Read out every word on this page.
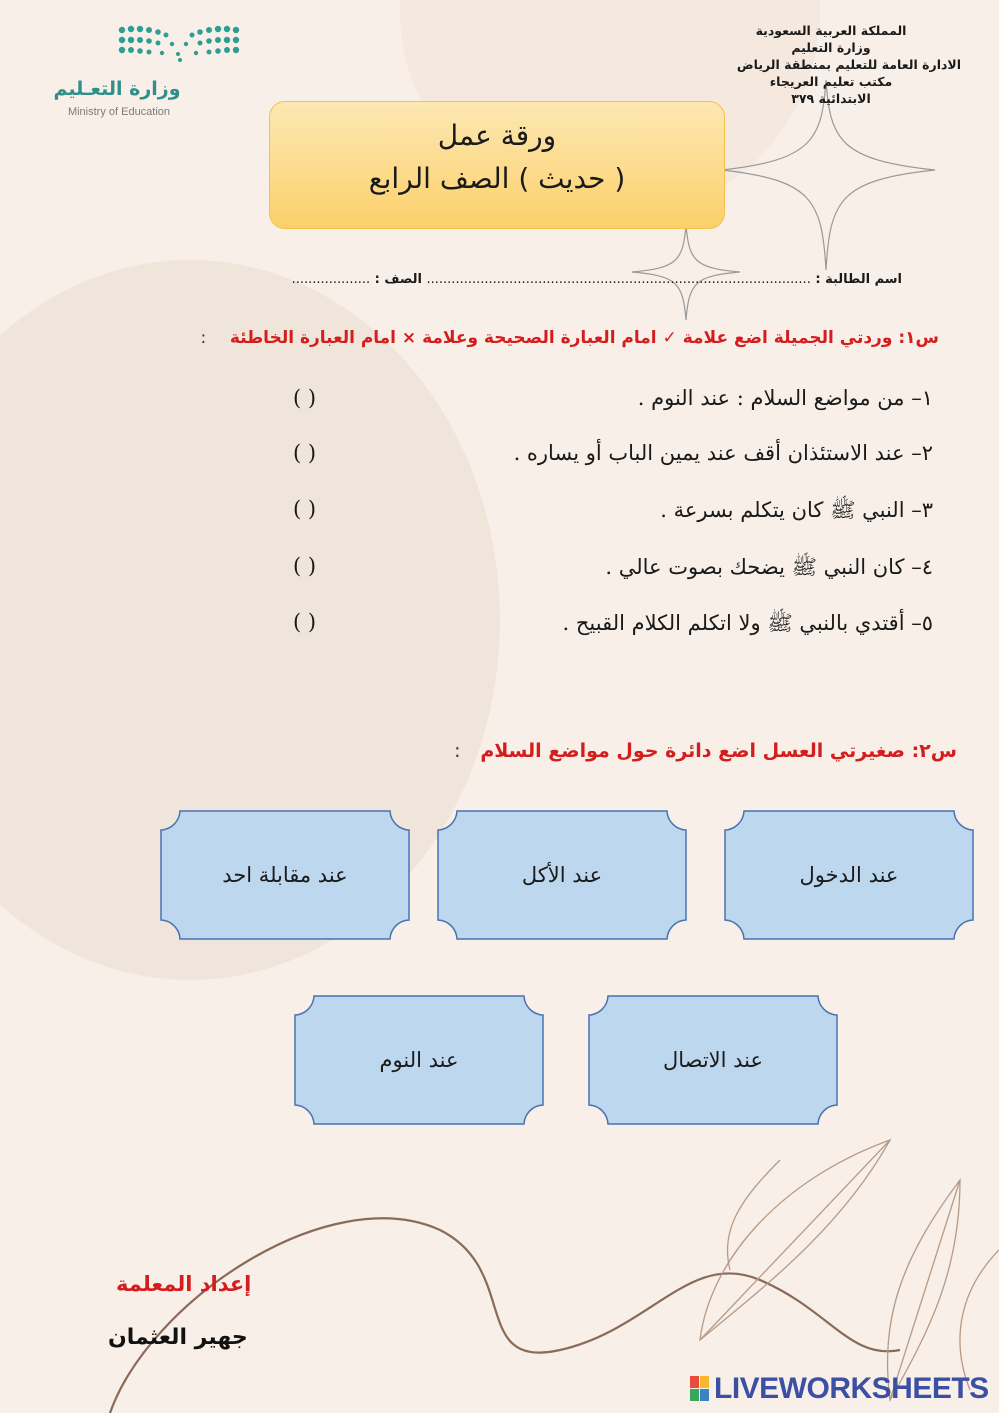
المملكة العربية السعودية
وزارة التعليم
الادارة العامة للتعليم بمنطقة الرياض
مكتب تعليم العريجاء
الابتدائية ٣٧٩
وزارة التعـليم
Ministry of Education
ورقة عمل
( حديث ) الصف الرابع
اسم الطالبة : ............................................................................................. الصف : ...................
س١: وردتي الجميلة اضع علامة ✓ امام العبارة الصحيحة وعلامة × امام العبارة الخاطئة    :
١– من مواضع السلام : عند النوم .
( )
٢– عند الاستئذان أقف عند يمين الباب أو يساره .
( )
٣– النبي ﷺ كان يتكلم بسرعة .
( )
٤– كان النبي ﷺ يضحك بصوت عالي .
( )
٥– أقتدي بالنبي ﷺ ولا اتكلم الكلام القبيح .
( )
س٢: صغيرتي العسل اضع دائرة حول مواضع السلام   :
عند الدخول
عند الأكل
عند مقابلة احد
عند الاتصال
عند النوم
إعداد المعلمة
جهير العثمان
LIVEWORKSHEETS
